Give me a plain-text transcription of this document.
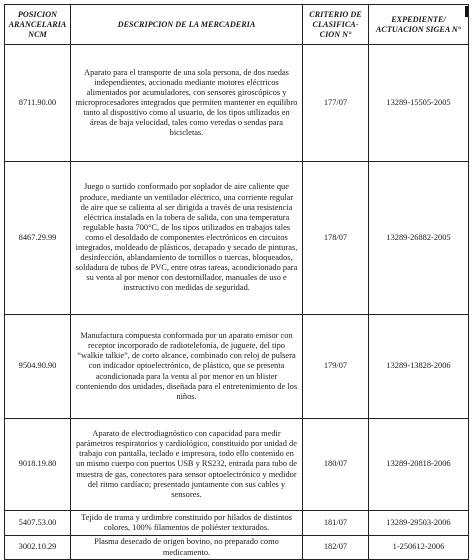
POSICION ARANCELARIA NCM	DESCRIPCION DE LA MERCADERIA	CRITERIO DE CLASIFICA-CION N°	EXPEDIENTE/ ACTUACION SIGEA N°
8711.90.00	Aparato para el transporte de una sola persona, de dos ruedas independientes, accionado mediante motores eléctricos alimentados por acumuladores, con sensores giroscópicos y microprocesadores integrados que permiten mantener en equilibro tanto al dispositivo como al usuario, de los tipos utilizados en áreas de baja velocidad, tales como veredas o sendas para bicicletas.	177/07	13289-15505-2005
8467.29.99	Juego o surtido conformado por soplador de aire caliente que produce, mediante un ventilador eléctrico, una corriente regular de aire que se calienta al ser dirigida a través de una resistencia eléctrica instalada en la tobera de salida, con una temperatura regulable hasta 700°C, de los tipos utilizados en trabajos tales como el desoldado de componentes electrónicos en circuitos integrados, moldeado de plásticos, decapado y secado de pinturas, desinfección, ablandamiento de tornillos o tuercas, bloqueados, soldadura de tubos de PVC, entre otras tareas, acondicionado para su venta al por menor con destornillador, manuales de uso e instructivo con medidas de seguridad.	178/07	13289-26882-2005
9504.90.90	Manufactura compuesta conformada por un aparato emisor con receptor incorporado de radiotelefonía, de juguete, del tipo “walkie talkie”, de corto alcance, combinado con reloj de pulsera con indicador optoelectrónico, de plástico, que se presenta acondicionada para la venta al por menor en un blister conteniendo dos unidades, diseñada para el entretenimiento de los niños.	179/07	13289-13828-2006
9018.19.80	Aparato de electrodiagnóstico con capacidad para medir parámetros respiratorios y cardiológico, constituido por unidad de trabajo con pantalla, teclado e impresora, todo ello contenido en un mismo cuerpo con puertos USB y RS232, entrada para tubo de muestra de gas, conectores para sensor optoelectrónico y medidor del ritmo cardíaco; presentado juntamente con sus cables y sensores.	180/07	13289-20818-2006
5407.53.00	Tejido de trama y urdimbre constituido por hilados de distintos colores, 100% filamentos de poliéster texturados.	181/07	13289-29503-2006
3002.10.29	Plasma desecado de origen bovino, no preparado como medicamento.	182/07	1-250612-2006
